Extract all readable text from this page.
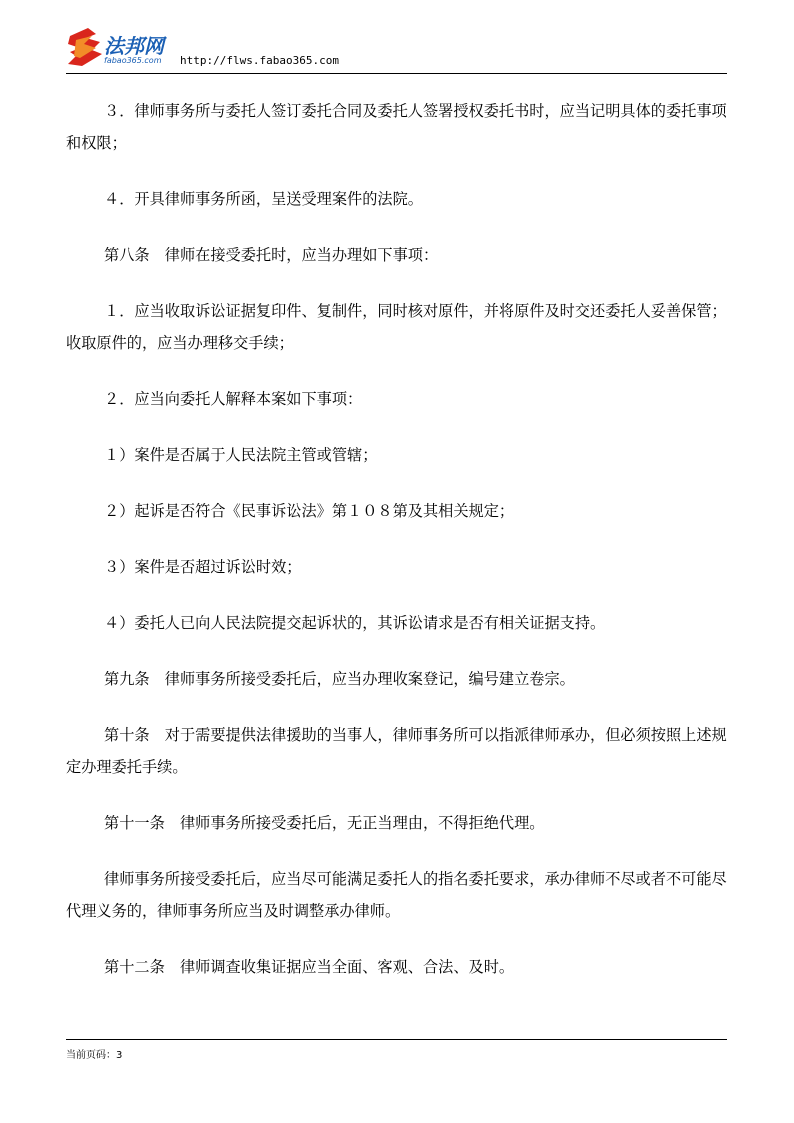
法邦网
fabao365.com http://flws.fabao365.com

３．律师事务所与委托人签订委托合同及委托人签署授权委托书时，应当记明具体的委托事项和权限；

４．开具律师事务所函，呈送受理案件的法院。

第八条　律师在接受委托时，应当办理如下事项：

１．应当收取诉讼证据复印件、复制件，同时核对原件，并将原件及时交还委托人妥善保管；收取原件的，应当办理移交手续；

２．应当向委托人解释本案如下事项：

１）案件是否属于人民法院主管或管辖；

２）起诉是否符合《民事诉讼法》第１０８第及其相关规定；

３）案件是否超过诉讼时效；

４）委托人已向人民法院提交起诉状的，其诉讼请求是否有相关证据支持。

第九条　律师事务所接受委托后，应当办理收案登记，编号建立卷宗。

第十条　对于需要提供法律援助的当事人，律师事务所可以指派律师承办，但必须按照上述规定办理委托手续。

第十一条　律师事务所接受委托后，无正当理由，不得拒绝代理。

律师事务所接受委托后，应当尽可能满足委托人的指名委托要求，承办律师不尽或者不可能尽代理义务的，律师事务所应当及时调整承办律师。

第十二条　律师调查收集证据应当全面、客观、合法、及时。

当前页码：3
